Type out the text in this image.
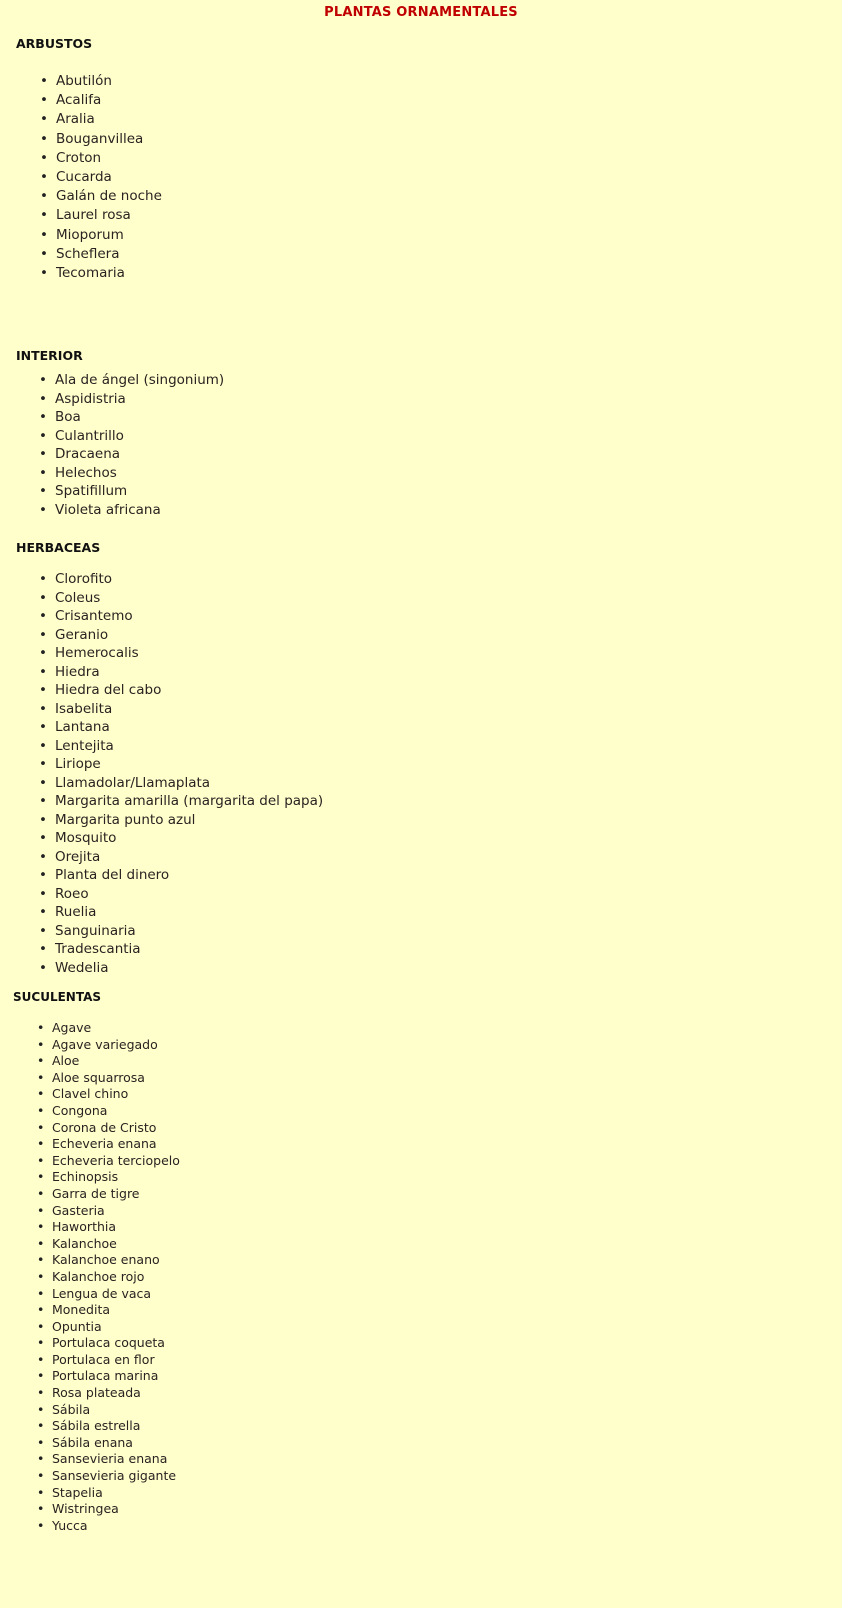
PLANTAS ORNAMENTALES
ARBUSTOS
• Abutilón
• Acalifa
• Aralia
• Bouganvillea
• Croton
• Cucarda
• Galán de noche
• Laurel rosa
• Mioporum
• Scheflera
• Tecomaria
INTERIOR
• Ala de ángel (singonium)
• Aspidistria
• Boa
• Culantrillo
• Dracaena
• Helechos
• Spatifillum
• Violeta africana
HERBACEAS
• Clorofito
• Coleus
• Crisantemo
• Geranio
• Hemerocalis
• Hiedra
• Hiedra del cabo
• Isabelita
• Lantana
• Lentejita
• Liriope
• Llamadolar/Llamaplata
• Margarita amarilla (margarita del papa)
• Margarita punto azul
• Mosquito
• Orejita
• Planta del dinero
• Roeo
• Ruelia
• Sanguinaria
• Tradescantia
• Wedelia
SUCULENTAS
• Agave
• Agave variegado
• Aloe
• Aloe squarrosa
• Clavel chino
• Congona
• Corona de Cristo
• Echeveria enana
• Echeveria terciopelo
• Echinopsis
• Garra de tigre
• Gasteria
• Haworthia
• Kalanchoe
• Kalanchoe enano
• Kalanchoe rojo
• Lengua de vaca
• Monedita
• Opuntia
• Portulaca coqueta
• Portulaca en flor
• Portulaca marina
• Rosa plateada
• Sábila
• Sábila estrella
• Sábila enana
• Sansevieria enana
• Sansevieria gigante
• Stapelia
• Wistringea
• Yucca
